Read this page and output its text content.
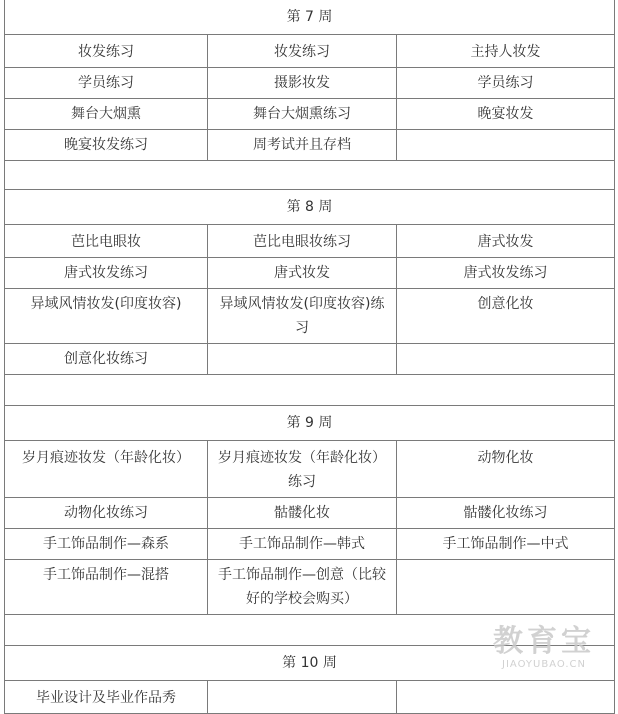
第 7 周		
妆发练习	妆发练习	主持人妆发
学员练习	摄影妆发	学员练习
舞台大烟熏	舞台大烟熏练习	晚宴妆发
晚宴妆发练习	周考试并且存档	

第 8 周		
芭比电眼妆	芭比电眼妆练习	唐式妆发
唐式妆发练习	唐式妆发	唐式妆发练习
异域风情妆发(印度妆容)	异域风情妆发(印度妆容)练习	创意化妆
创意化妆练习		

第 9 周		
岁月痕迹妆发（年龄化妆）	岁月痕迹妆发（年龄化妆）练习	动物化妆
动物化妆练习	骷髅化妆	骷髅化妆练习
手工饰品制作—森系	手工饰品制作—韩式	手工饰品制作—中式
手工饰品制作—混搭	手工饰品制作—创意（比较好的学校会购买）	

第 10 周		
毕业设计及毕业作品秀		
教育宝
JIAOYUBAO.CN
